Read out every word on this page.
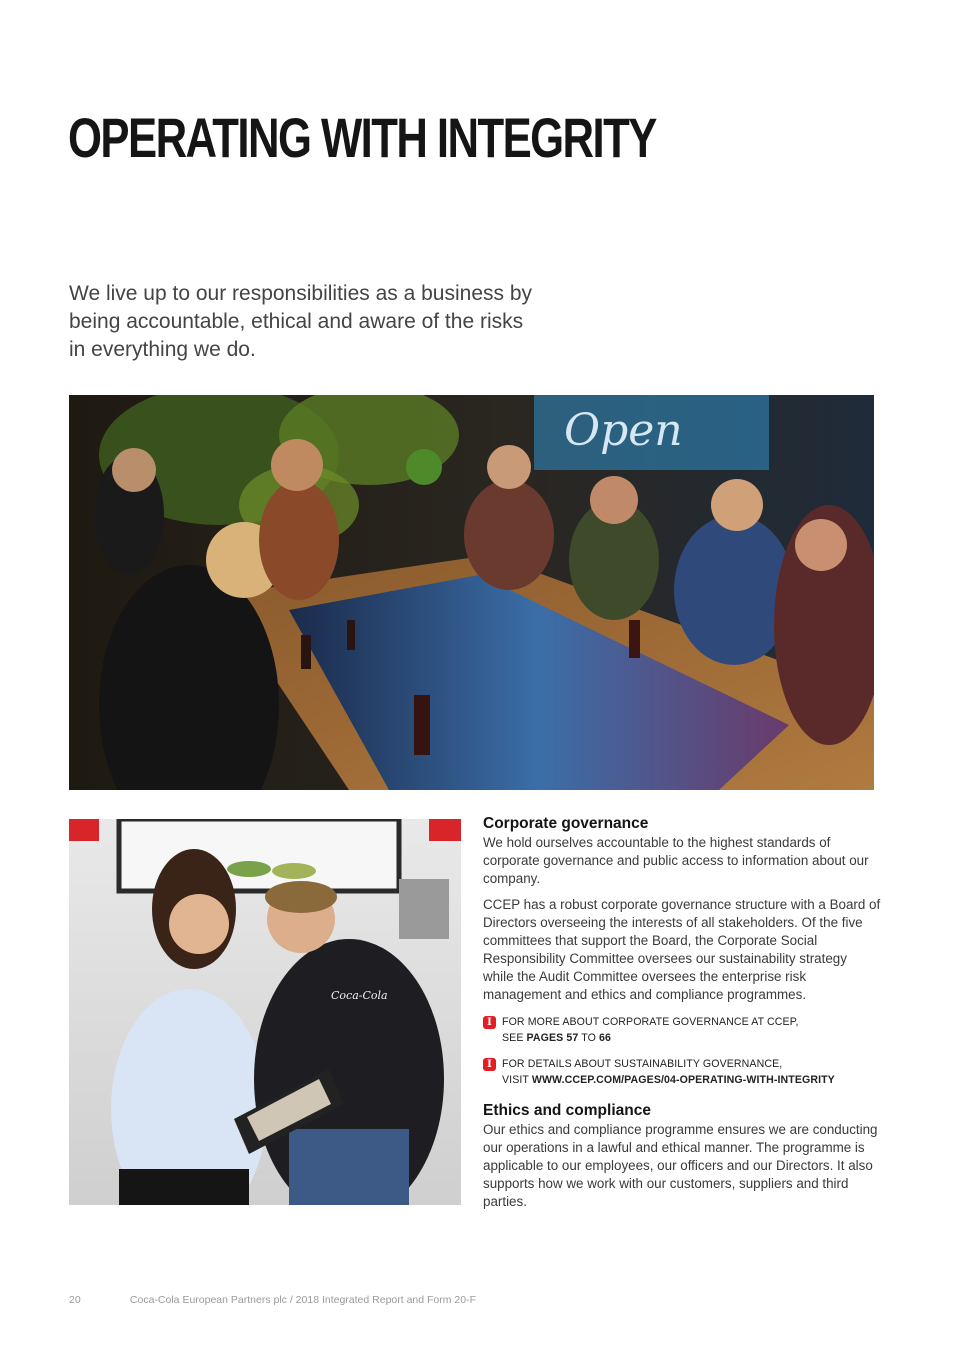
OPERATING WITH INTEGRITY

We live up to our responsibilities as a business by being accountable, ethical and aware of the risks in everything we do.

Open
Coca-Cola
Corporate governance

We hold ourselves accountable to the highest standards of corporate governance and public access to information about our company.

CCEP has a robust corporate governance structure with a Board of Directors overseeing the interests of all stakeholders. Of the five committees that support the Board, the Corporate Social Responsibility Committee oversees our sustainability strategy while the Audit Committee oversees the enterprise risk management and ethics and compliance programmes.

I FOR MORE ABOUT CORPORATE GOVERNANCE AT CCEP,
SEE PAGES 57 TO 66
I FOR DETAILS ABOUT SUSTAINABILITY GOVERNANCE,
VISIT WWW.CCEP.COM/PAGES/04-OPERATING-WITH-INTEGRITY
Ethics and compliance

Our ethics and compliance programme ensures we are conducting our operations in a lawful and ethical manner. The programme is applicable to our employees, our officers and our Directors. It also supports how we work with our customers, suppliers and third parties.

20	Coca-Cola European Partners plc / 2018 Integrated Report and Form 20-F
